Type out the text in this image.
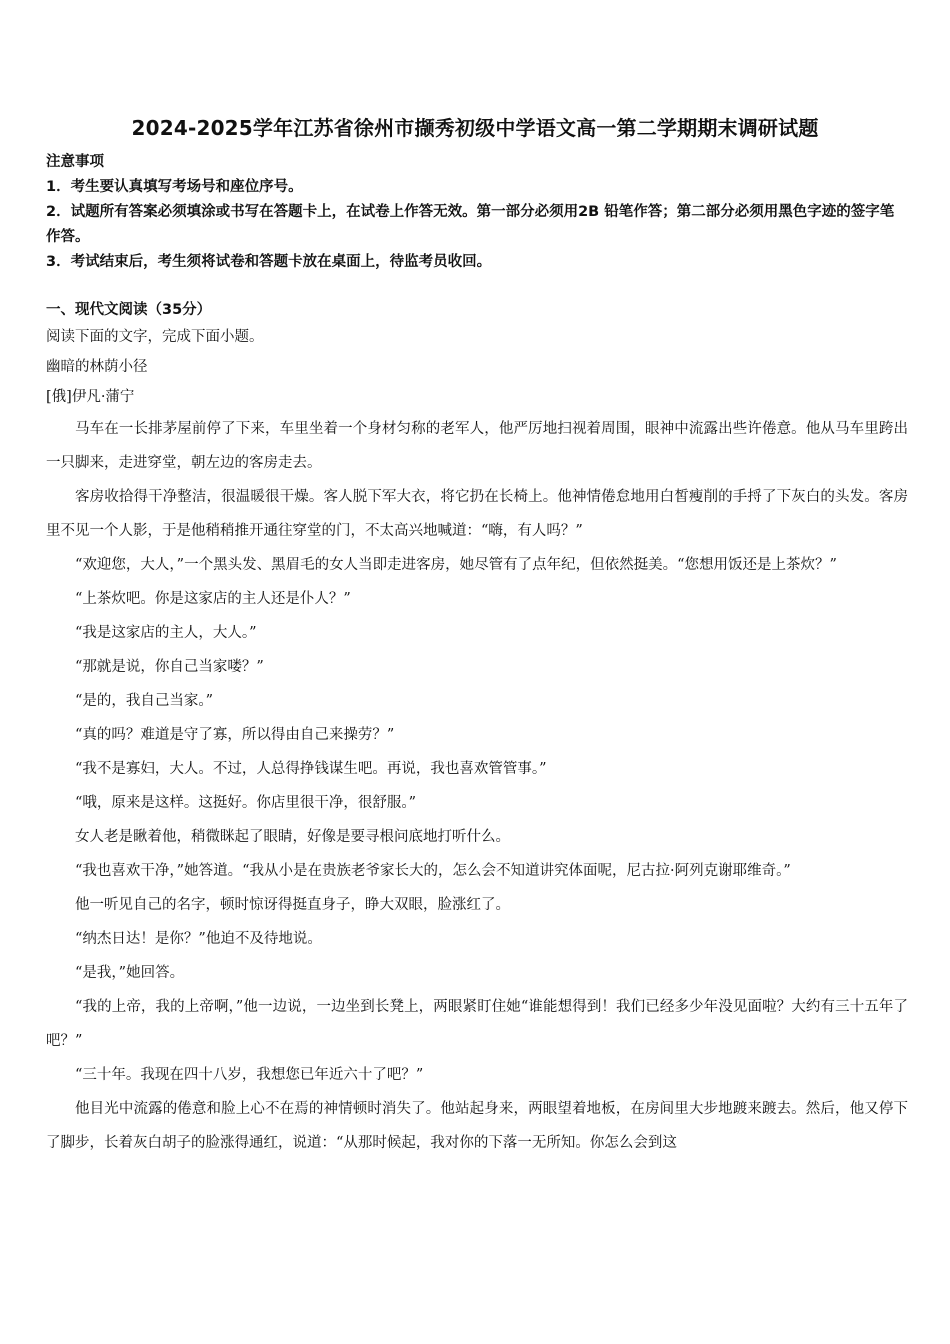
2024-2025学年江苏省徐州市撷秀初级中学语文高一第二学期期末调研试题

注意事项

1．考生要认真填写考场号和座位序号。

2．试题所有答案必须填涂或书写在答题卡上，在试卷上作答无效。第一部分必须用2B 铅笔作答；第二部分必须用黑色字迹的签字笔作答。

3．考试结束后，考生须将试卷和答题卡放在桌面上，待监考员收回。

一、现代文阅读（35分）

阅读下面的文字，完成下面小题。

幽暗的林荫小径

[俄]伊凡·蒲宁

马车在一长排茅屋前停了下来，车里坐着一个身材匀称的老军人，他严厉地扫视着周围，眼神中流露出些许倦意。他从马车里跨出一只脚来，走进穿堂，朝左边的客房走去。

客房收拾得干净整洁，很温暖很干燥。客人脱下军大衣，将它扔在长椅上。他神情倦怠地用白皙瘦削的手捋了下灰白的头发。客房里不见一个人影，于是他稍稍推开通往穿堂的门，不太高兴地喊道：“嗨，有人吗？”

“欢迎您，大人，”一个黑头发、黑眉毛的女人当即走进客房，她尽管有了点年纪，但依然挺美。“您想用饭还是上茶炊？”

“上茶炊吧。你是这家店的主人还是仆人？”

“我是这家店的主人，大人。”

“那就是说，你自己当家喽？”

“是的，我自己当家。”

“真的吗？难道是守了寡，所以得由自己来操劳？”

“我不是寡妇，大人。不过，人总得挣钱谋生吧。再说，我也喜欢管管事。”

“哦，原来是这样。这挺好。你店里很干净，很舒服。”

女人老是瞅着他，稍微眯起了眼睛，好像是要寻根问底地打听什么。

“我也喜欢干净，”她答道。“我从小是在贵族老爷家长大的，怎么会不知道讲究体面呢，尼古拉·阿列克谢耶维奇。”

他一听见自己的名字，顿时惊讶得挺直身子，睁大双眼，脸涨红了。

“纳杰日达！是你？”他迫不及待地说。

“是我，”她回答。

“我的上帝，我的上帝啊，”他一边说，一边坐到长凳上，两眼紧盯住她“谁能想得到！我们已经多少年没见面啦？大约有三十五年了吧？”

“三十年。我现在四十八岁，我想您已年近六十了吧？”

他目光中流露的倦意和脸上心不在焉的神情顿时消失了。他站起身来，两眼望着地板，在房间里大步地踱来踱去。然后，他又停下了脚步，长着灰白胡子的脸涨得通红，说道：“从那时候起，我对你的下落一无所知。你怎么会到这
